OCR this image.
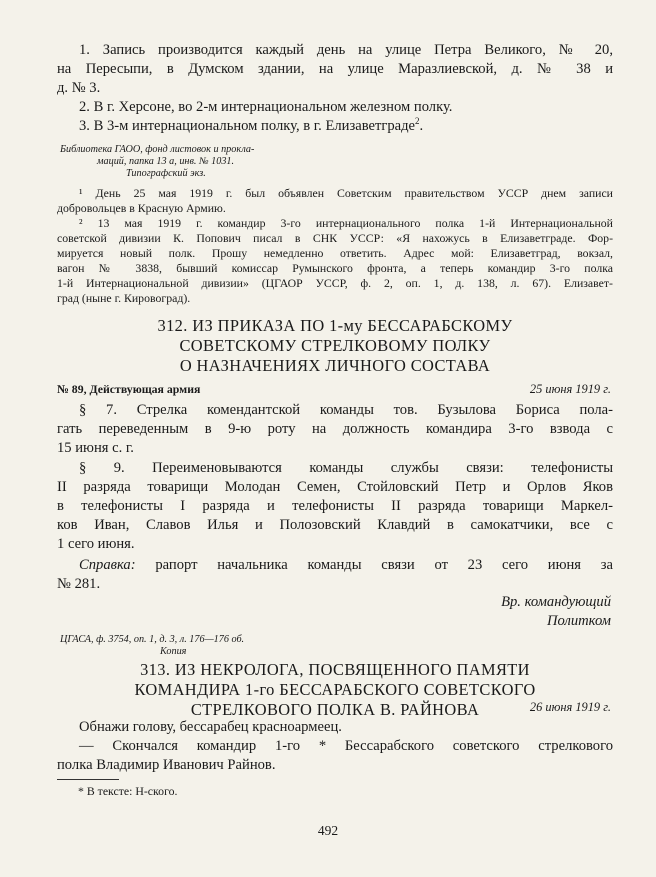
1. Запись производится каждый день на улице Петра Великого, № 20,
на Пересыпи, в Думском здании, на улице Маразлиевской, д. № 38 и
д. № 3.
2. В г. Херсоне, во 2-м интернациональном железном полку.
3. В 3-м интернациональном полку, в г. Елизаветграде$^2$.
Библиотека ГАОО, фонд листовок и прокла-
маций, папка 13 а, инв. № 1031.
Типографский экз.
¹ День 25 мая 1919 г. был объявлен Советским правительством УССР днем записи
добровольцев в Красную Армию.
² 13 мая 1919 г. командир 3-го интернационального полка 1-й Интернациональной
советской дивизии К. Попович писал в СНК УССР: «Я нахожусь в Елизаветграде. Фор-
мируется новый полк. Прошу немедленно ответить. Адрес мой: Елизаветград, вокзал,
вагон № 3838, бывший комиссар Румынского фронта, а теперь командир 3-го полка
1-й Интернациональной дивизии» (ЦГАОР УССР, ф. 2, оп. 1, д. 138, л. 67). Елизавет-
град (ныне г. Кировоград).
312. ИЗ ПРИКАЗА ПО 1-му БЕССАРАБСКОМУ
СОВЕТСКОМУ СТРЕЛКОВОМУ ПОЛКУ
О НАЗНАЧЕНИЯХ ЛИЧНОГО СОСТАВА
№ 89, Действующая армия	25 июня 1919 г.
§ 7. Стрелка комендантской команды тов. Бузылова Бориса пола-
гать переведенным в 9-ю роту на должность командира 3-го взвода с
15 июня с. г.
§ 9. Переименовываются команды службы связи: телефонисты
II разряда товарищи Молодан Семен, Стойловский Петр и Орлов Яков
в телефонисты I разряда и телефонисты II разряда товарищи Маркел-
ков Иван, Славов Илья и Полозовский Клавдий в самокатчики, все с
1 сего июня.
Справка: рапорт начальника команды связи от 23 сего июня за
№ 281.
Вр. командующий
Политком
ЦГАСА, ф. 3754, оп. 1, д. 3, л. 176—176 об.
Копия
313. ИЗ НЕКРОЛОГА, ПОСВЯЩЕННОГО ПАМЯТИ
КОМАНДИРА 1-го БЕССАРАБСКОГО СОВЕТСКОГО
СТРЕЛКОВОГО ПОЛКА В. РАЙНОВА	26 июня 1919 г.
Обнажи голову, бессарабец красноармеец.
— Скончался командир 1-го * Бессарабского советского стрелкового
полка Владимир Иванович Райнов.
* В тексте: Н-ского.
492
